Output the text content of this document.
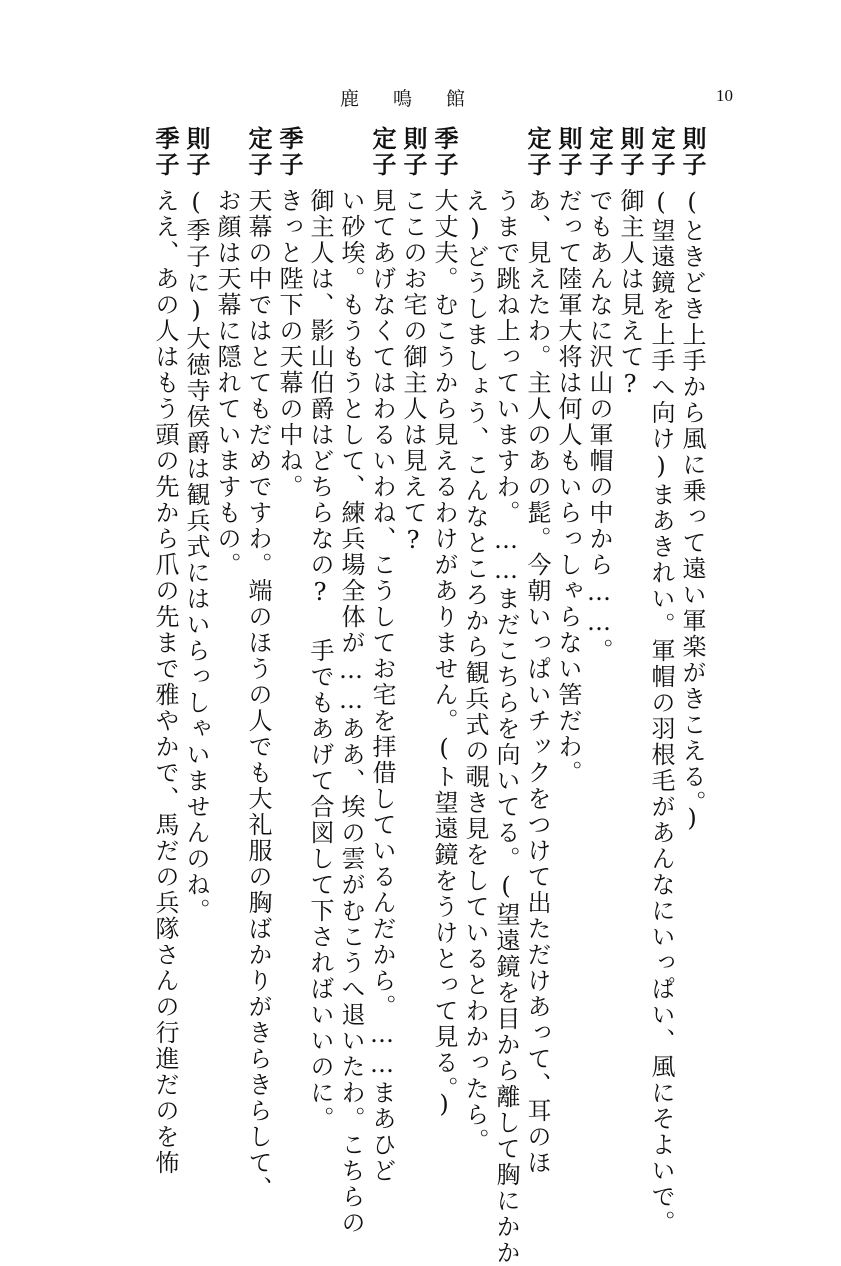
鹿鳴館	10
則子(ときどき上手から風に乗って遠い軍楽がきこえる。)
定子(望遠鏡を上手へ向け)まあきれい。軍帽の羽根毛があんなにいっぱい、風にそよいで。
則子御主人は見えて?
定子でもあんなに沢山の軍帽の中から……。
則子だって陸軍大将は何人もいらっしゃらない筈だわ。
定子あ、見えたわ。主人のあの髭。今朝いっぱいチックをつけて出ただけあって、耳のほ
うまで跳ね上っていますわ。……まだこちらを向いてる。(望遠鏡を目から離して胸にかか
え)どうしましょう、こんなところから観兵式の覗き見をしているとわかったら。
季子大丈夫。むこうから見えるわけがありません。(ト望遠鏡をうけとって見る。)
則子ここのお宅の御主人は見えて?
定子見てあげなくてはわるいわね、こうしてお宅を拝借しているんだから。……まあひど
い砂埃。もうもうとして、練兵場全体が……ああ、埃の雲がむこうへ退いたわ。こちらの
御主人は、影山伯爵はどちらなの? 手でもあげて合図して下さればいいのに。
季子きっと陛下の天幕の中ね。
定子天幕の中ではとてもだめですわ。端のほうの人でも大礼服の胸ばかりがきらきらして、
お顔は天幕に隠れていますもの。
則子(季子に)大徳寺侯爵は観兵式にはいらっしゃいませんのね。
季子ええ、あの人はもう頭の先から爪の先まで雅やかで、馬だの兵隊さんの行進だのを怖
